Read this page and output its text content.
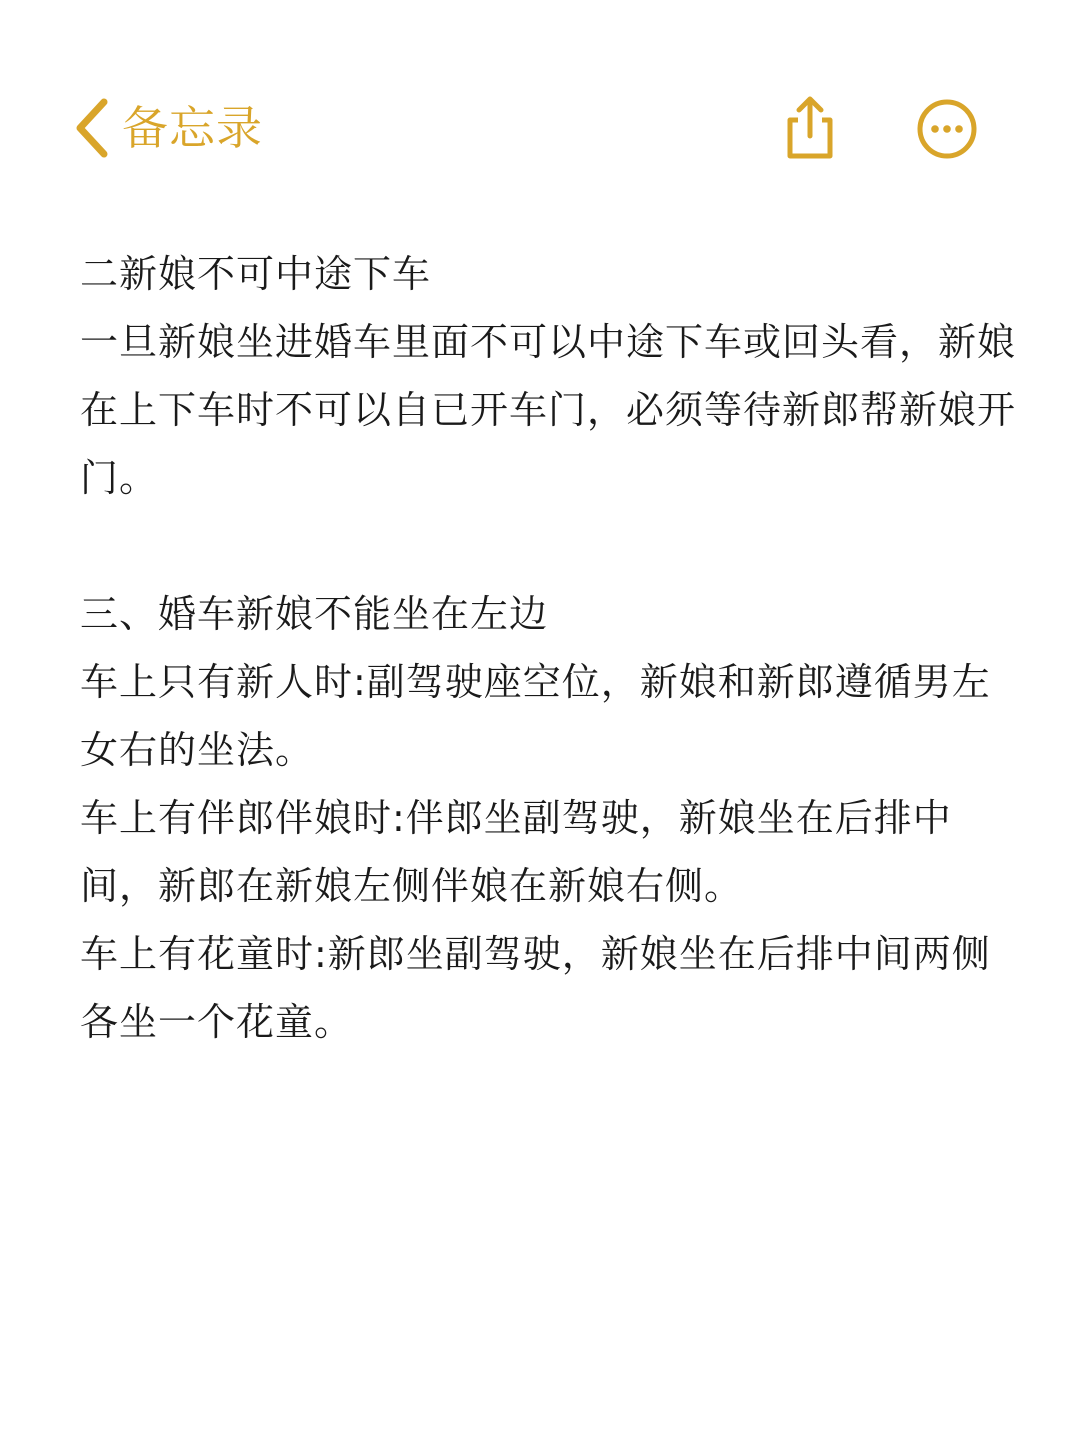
备忘录

二新娘不可中途下车

一旦新娘坐进婚车里面不可以中途下车或回头看，新娘在上下车时不可以自已开车门，必须等待新郎帮新娘开门。

三、婚车新娘不能坐在左边

车上只有新人时:副驾驶座空位，新娘和新郎遵循男左女右的坐法。

车上有伴郎伴娘时:伴郎坐副驾驶，新娘坐在后排中间，新郎在新娘左侧伴娘在新娘右侧。

车上有花童时:新郎坐副驾驶，新娘坐在后排中间两侧各坐一个花童。
